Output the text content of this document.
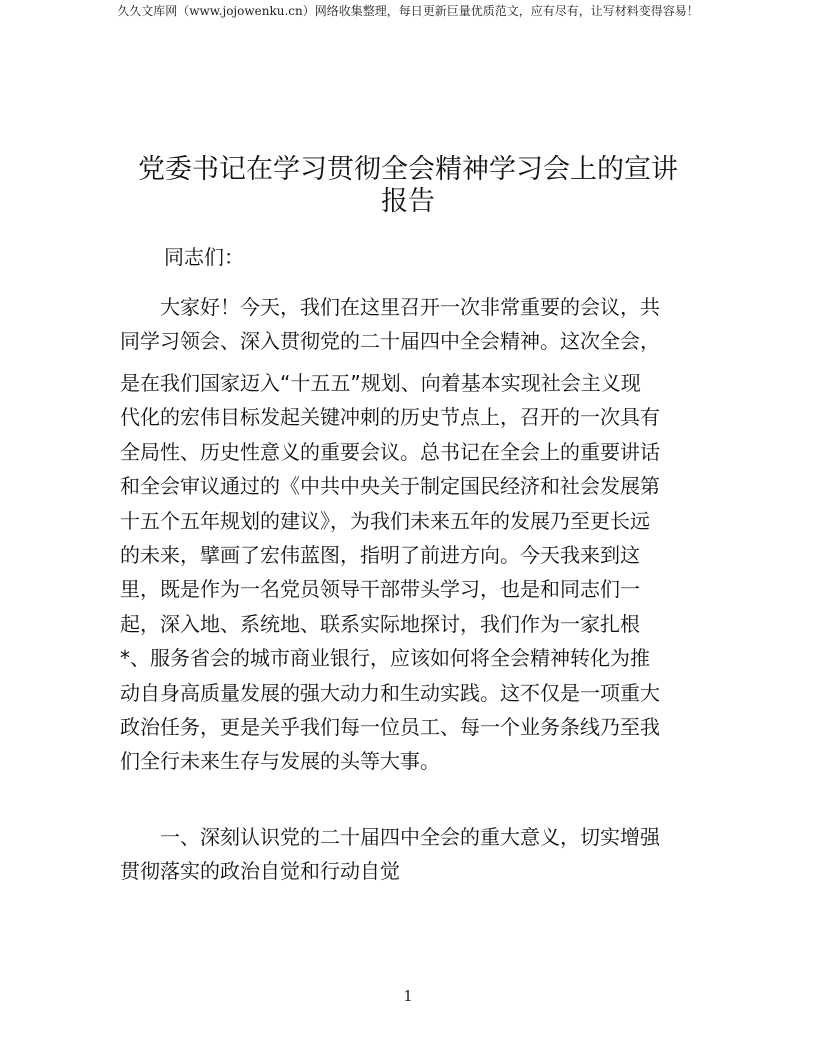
久久文库网（www.jojowenku.cn）网络收集整理，每日更新巨量优质范文，应有尽有，让写材料变得容易！
党委书记在学习贯彻全会精神学习会上的宣讲
报告

同志们：

　　大家好！今天，我们在这里召开一次非常重要的会议，共
同学习领会、深入贯彻党的二十届四中全会精神。这次全会，

是在我们国家迈入“十五五”规划、向着基本实现社会主义现
代化的宏伟目标发起关键冲刺的历史节点上，召开的一次具有
全局性、历史性意义的重要会议。总书记在全会上的重要讲话
和全会审议通过的《中共中央关于制定国民经济和社会发展第
十五个五年规划的建议》，为我们未来五年的发展乃至更长远
的未来，擘画了宏伟蓝图，指明了前进方向。今天我来到这
里，既是作为一名党员领导干部带头学习，也是和同志们一
起，深入地、系统地、联系实际地探讨，我们作为一家扎根
*、服务省会的城市商业银行，应该如何将全会精神转化为推
动自身高质量发展的强大动力和生动实践。这不仅是一项重大
政治任务，更是关乎我们每一位员工、每一个业务条线乃至我
们全行未来生存与发展的头等大事。

　　一、深刻认识党的二十届四中全会的重大意义，切实增强
贯彻落实的政治自觉和行动自觉

1
